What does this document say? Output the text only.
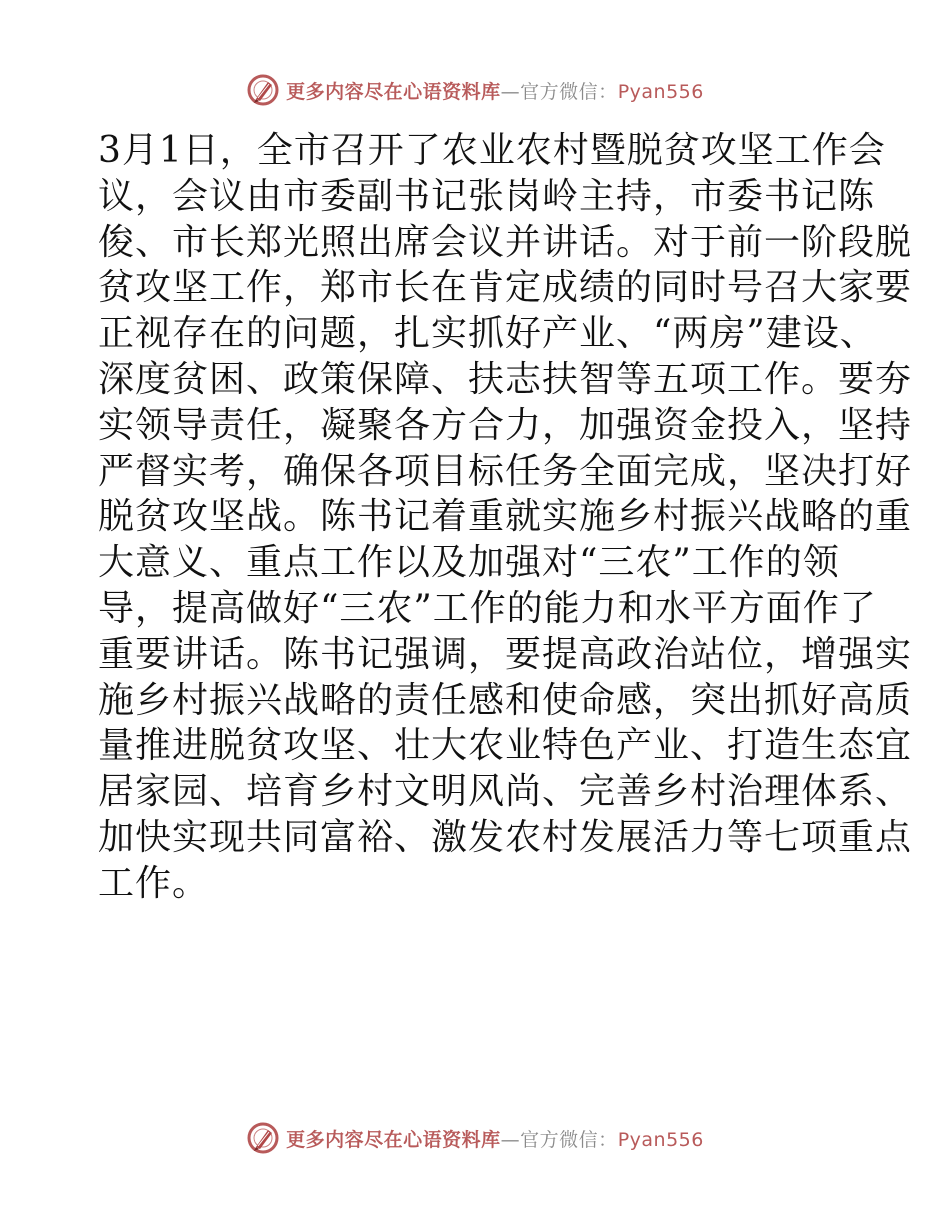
更多内容尽在心语资料库—官方微信：Pyan556
3月1日，全市召开了农业农村暨脱贫攻坚工作会
议，会议由市委副书记张岗岭主持，市委书记陈
俊、市长郑光照出席会议并讲话。对于前一阶段脱
贫攻坚工作，郑市长在肯定成绩的同时号召大家要
正视存在的问题，扎实抓好产业、“两房”建设、
深度贫困、政策保障、扶志扶智等五项工作。要夯
实领导责任，凝聚各方合力，加强资金投入，坚持
严督实考，确保各项目标任务全面完成，坚决打好
脱贫攻坚战。陈书记着重就实施乡村振兴战略的重
大意义、重点工作以及加强对“三农”工作的领
导，提高做好“三农”工作的能力和水平方面作了
重要讲话。陈书记强调，要提高政治站位，增强实
施乡村振兴战略的责任感和使命感，突出抓好高质
量推进脱贫攻坚、壮大农业特色产业、打造生态宜
居家园、培育乡村文明风尚、完善乡村治理体系、
加快实现共同富裕、激发农村发展活力等七项重点
工作。
更多内容尽在心语资料库—官方微信：Pyan556
